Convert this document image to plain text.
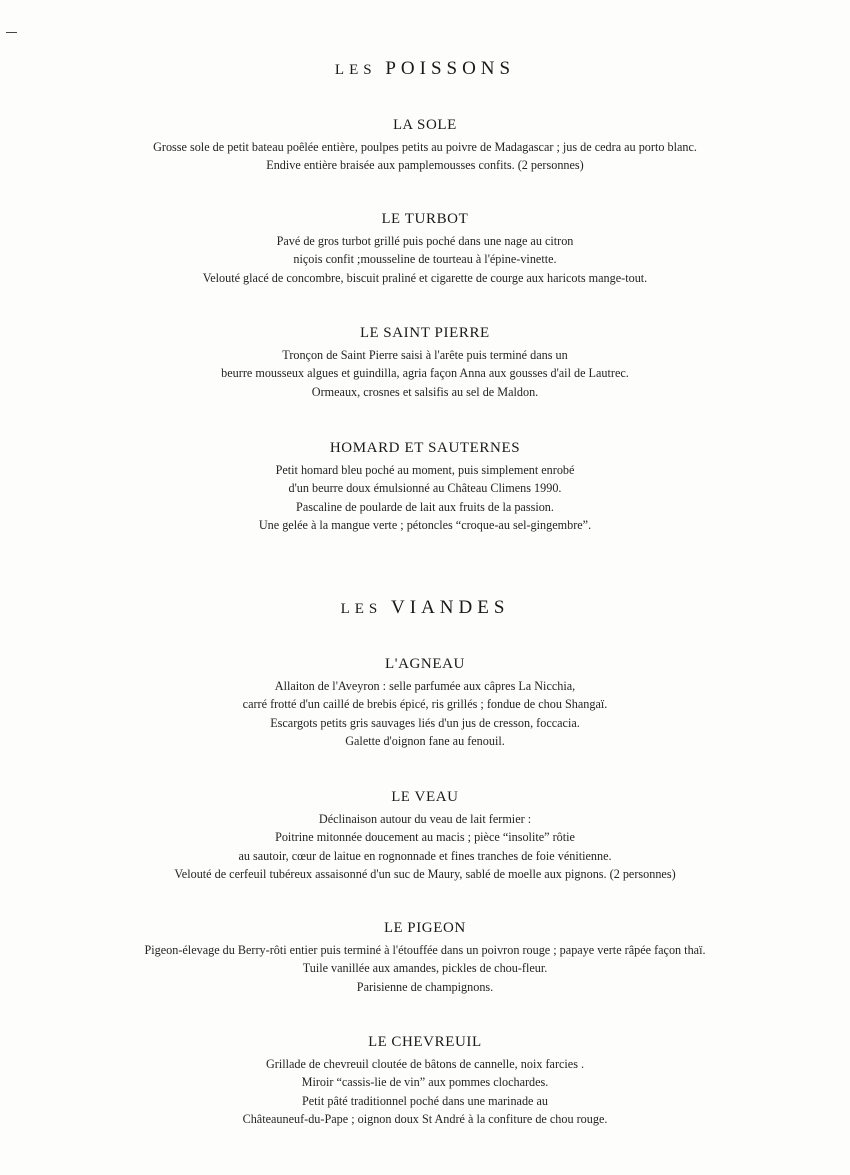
LES POISSONS
LA SOLE

Grosse sole de petit bateau poêlée entière, poulpes petits au poivre de Madagascar ; jus de cedra au porto blanc.

Endive entière braisée aux pamplemousses confits. (2 personnes)

LE TURBOT

Pavé de gros turbot grillé puis poché dans une nage au citron

niçois confit ;mousseline de tourteau à l'épine-vinette.

Velouté glacé de concombre, biscuit praliné et cigarette de courge aux haricots mange-tout.

LE SAINT PIERRE

Tronçon de Saint Pierre saisi à l'arête puis terminé dans un

beurre mousseux algues et guindilla, agria façon Anna aux gousses d'ail de Lautrec.

Ormeaux, crosnes et salsifis au sel de Maldon.

HOMARD ET SAUTERNES

Petit homard bleu poché au moment, puis simplement enrobé

d'un beurre doux émulsionné au Château Climens 1990.

Pascaline de poularde de lait aux fruits de la passion.

Une gelée à la mangue verte ; pétoncles “croque-au sel-gingembre”.

LES VIANDES
L'AGNEAU

Allaiton de l'Aveyron : selle parfumée aux câpres La Nicchia,

carré frotté d'un caillé de brebis épicé, ris grillés ; fondue de chou Shangaï.

Escargots petits gris sauvages liés d'un jus de cresson, foccacia.

Galette d'oignon fane au fenouil.

LE VEAU

Déclinaison autour du veau de lait fermier :

Poitrine mitonnée doucement au macis ; pièce “insolite” rôtie

au sautoir, cœur de laitue en rognonnade et fines tranches de foie vénitienne.

Velouté de cerfeuil tubéreux assaisonné d'un suc de Maury, sablé de moelle aux pignons. (2 personnes)

LE PIGEON

Pigeon-élevage du Berry-rôti entier puis terminé à l'étouffée dans un poivron rouge ; papaye verte râpée façon thaï.

Tuile vanillée aux amandes, pickles de chou-fleur.

Parisienne de champignons.

LE CHEVREUIL

Grillade de chevreuil cloutée de bâtons de cannelle, noix farcies .

Miroir “cassis-lie de vin” aux pommes clochardes.

Petit pâté traditionnel poché dans une marinade au

Châteauneuf-du-Pape ; oignon doux St André à la confiture de chou rouge.
